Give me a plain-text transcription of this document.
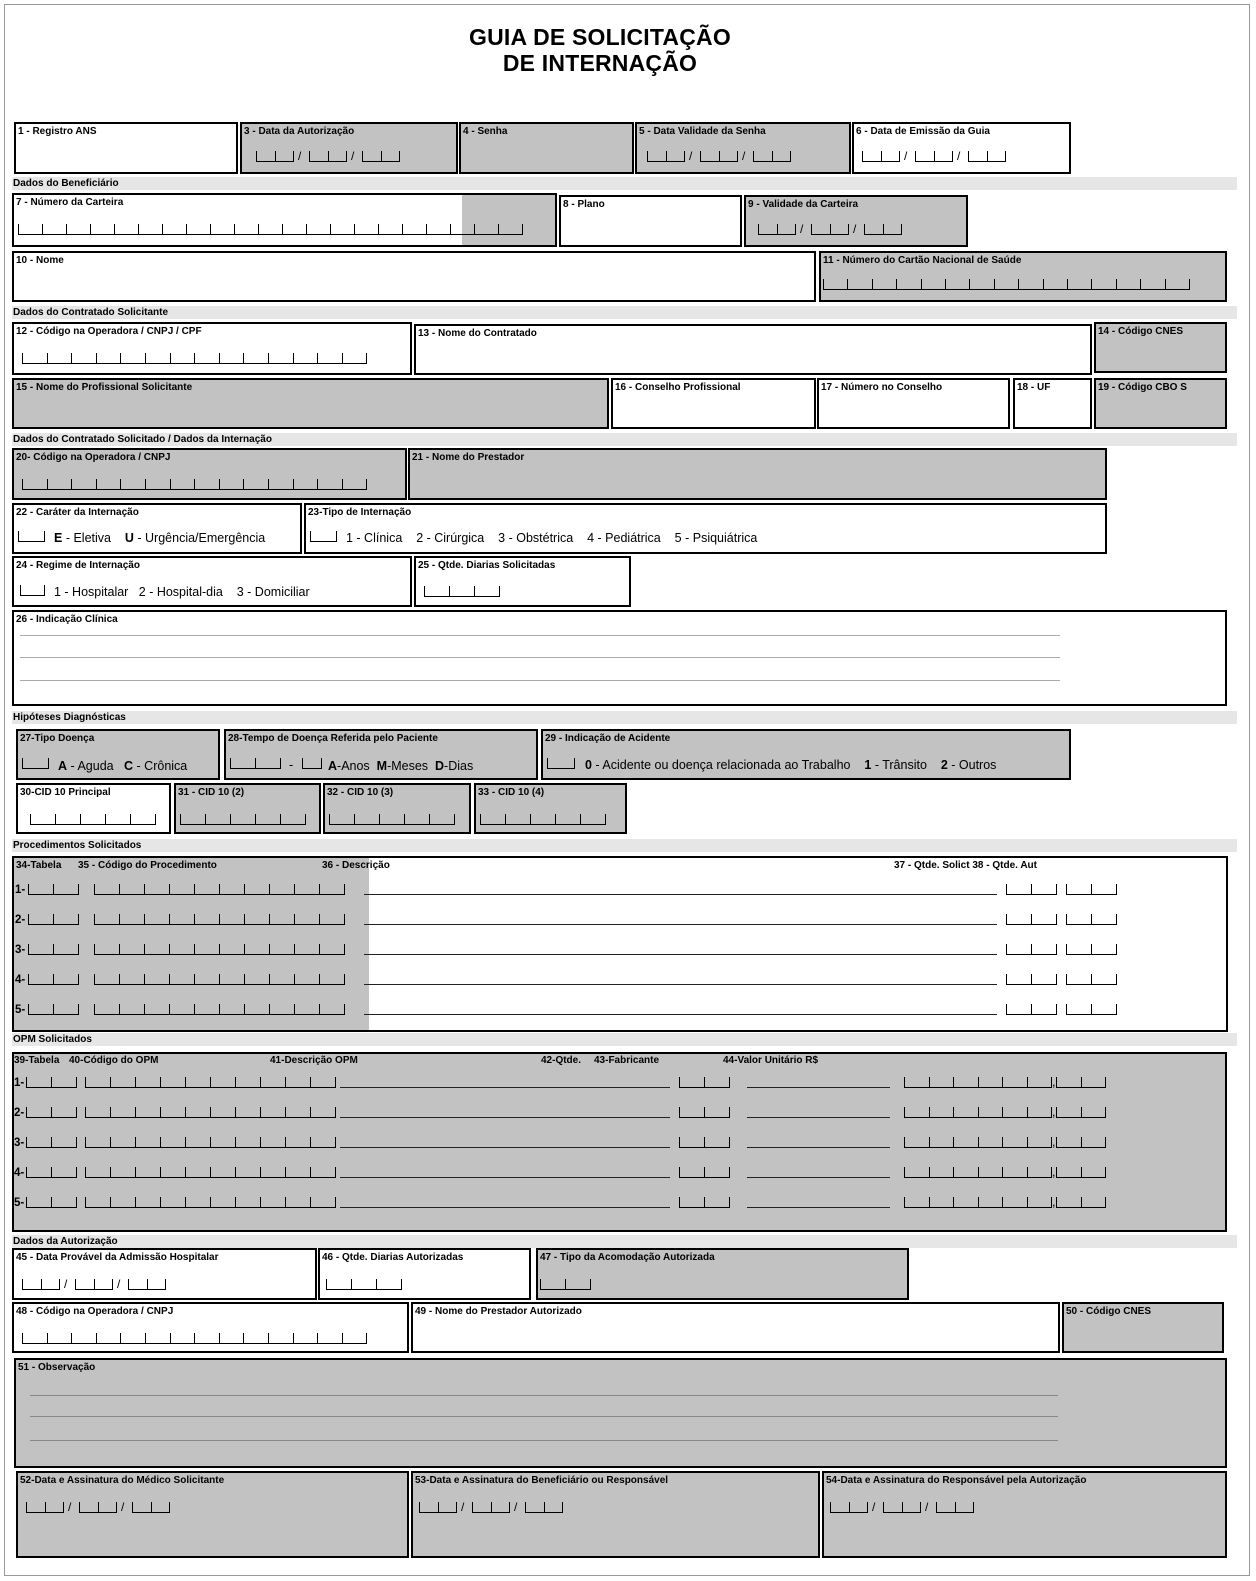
GUIA DE SOLICITAÇÃO
DE INTERNAÇÃO
1 - Registro ANS	3 - Data da Autorização
/	/
4 - Senha	5 - Data Validade da Senha
/	/
6 - Data de Emissão da Guia
/	/
Dados do Beneficiário
7 - Número da Carteira	8 - Plano	9 - Validade da Carteira
/	/
10 - Nome	11 - Número do Cartão Nacional de Saúde
Dados do Contratado Solicitante
12 - Código na Operadora / CNPJ / CPF	13 - Nome do Contratado	14 - Código CNES
15 - Nome do Profissional Solicitante	16 - Conselho Profissional	17 - Número no Conselho	18 - UF	19 - Código CBO S
Dados do Contratado Solicitado / Dados da Internação
20- Código na Operadora / CNPJ	21 - Nome do Prestador
22 - Caráter da Internação
E - Eletiva U - Urgência/Emergência
23-Tipo de Internação
1 - Clínica 2 - Cirúrgica 3 - Obstétrica 4 - Pediátrica 5 - Psiquiátrica
24 - Regime de Internação
1 - Hospitalar 2 - Hospital-dia 3 - Domiciliar
25 - Qtde. Diarias Solicitadas
26 - Indicação Clínica
Hipóteses Diagnósticas
27-Tipo Doença
A - Aguda C - Crônica
28-Tempo de Doença Referida pelo Paciente
-	A-Anos M-Meses D-Dias
29 - Indicação de Acidente
0 - Acidente ou doença relacionada ao Trabalho 1 - Trânsito 2 - Outros
30-CID 10 Principal	31 - CID 10 (2)	32 - CID 10 (3)	33 - CID 10 (4)
Procedimentos Solicitados
34-Tabela 35 - Código do Procedimento	36 - Descrição	37 - Qtde. Solict 38 - Qtde. Aut
1-
2-
3-
4-
5-
OPM Solicitados
39-Tabela 40-Código do OPM	41-Descrição OPM	42-Qtde. 43-Fabricante	44-Valor Unitário R$
1-	,
2-	,
3-	,
4-	,
5-	,
Dados da Autorização
45 - Data Provável da Admissão Hospitalar
/	/
46 - Qtde. Diarias Autorizadas	47 - Tipo da Acomodação Autorizada
48 - Código na Operadora / CNPJ	49 - Nome do Prestador Autorizado	50 - Código CNES
51 - Observação
52-Data e Assinatura do Médico Solicitante
/	/
53-Data e Assinatura do Beneficiário ou Responsável
/	/
54-Data e Assinatura do Responsável pela Autorização
/	/
